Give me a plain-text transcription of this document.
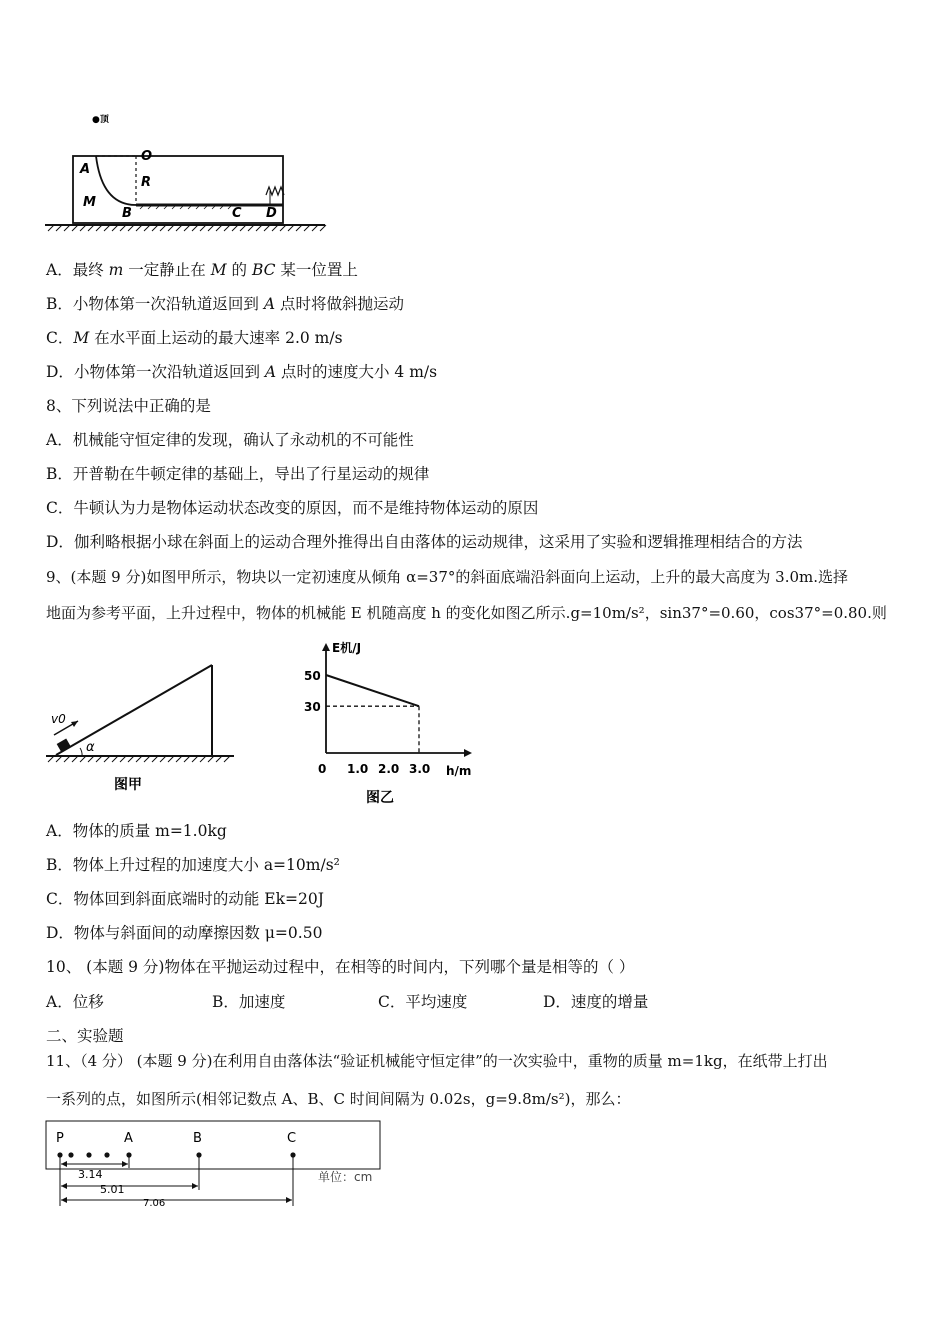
●顶
A
O
R
M
B	C D
A．最终 m 一定静止在 M 的 BC 某一位置上
B．小物体第一次沿轨道返回到 A 点时将做斜抛运动
C．M 在水平面上运动的最大速率 2.0 m/s
D．小物体第一次沿轨道返回到 A 点时的速度大小 4 m/s
8、下列说法中正确的是
A．机械能守恒定律的发现，确认了永动机的不可能性
B．开普勒在牛顿定律的基础上，导出了行星运动的规律
C．牛顿认为力是物体运动状态改变的原因，而不是维持物体运动的原因
D．伽利略根据小球在斜面上的运动合理外推得出自由落体的运动规律，这采用了实验和逻辑推理相结合的方法
9、(本题 9 分)如图甲所示，物块以一定初速度从倾角 α=37°的斜面底端沿斜面向上运动，上升的最大高度为 3.0m.选择
地面为参考平面，上升过程中，物体的机械能 E 机随高度 h 的变化如图乙所示.g=10m/s²，sin37°=0.60，cos37°=0.80.则
v0
α
图甲
50
30
1.0 2.0 3.0
E机/J
h/m
0
图乙
A．物体的质量 m=1.0kg
B．物体上升过程的加速度大小 a=10m/s²
C．物体回到斜面底端时的动能 Ek=20J
D．物体与斜面间的动摩擦因数 μ=0.50
10、 (本题 9 分)物体在平抛运动过程中，在相等的时间内，下列哪个量是相等的（ ）
A．位移	B．加速度	C．平均速度	D．速度的增量
二、实验题
11、（4 分） (本题 9 分)在利用自由落体法“验证机械能守恒定律”的一次实验中，重物的质量 m=1kg，在纸带上打出
一系列的点，如图所示(相邻记数点 A、B、C 时间间隔为 0.02s，g=9.8m/s²)，那么：
P	A	B	C
3.14
5.01
7.06
单位：cm
